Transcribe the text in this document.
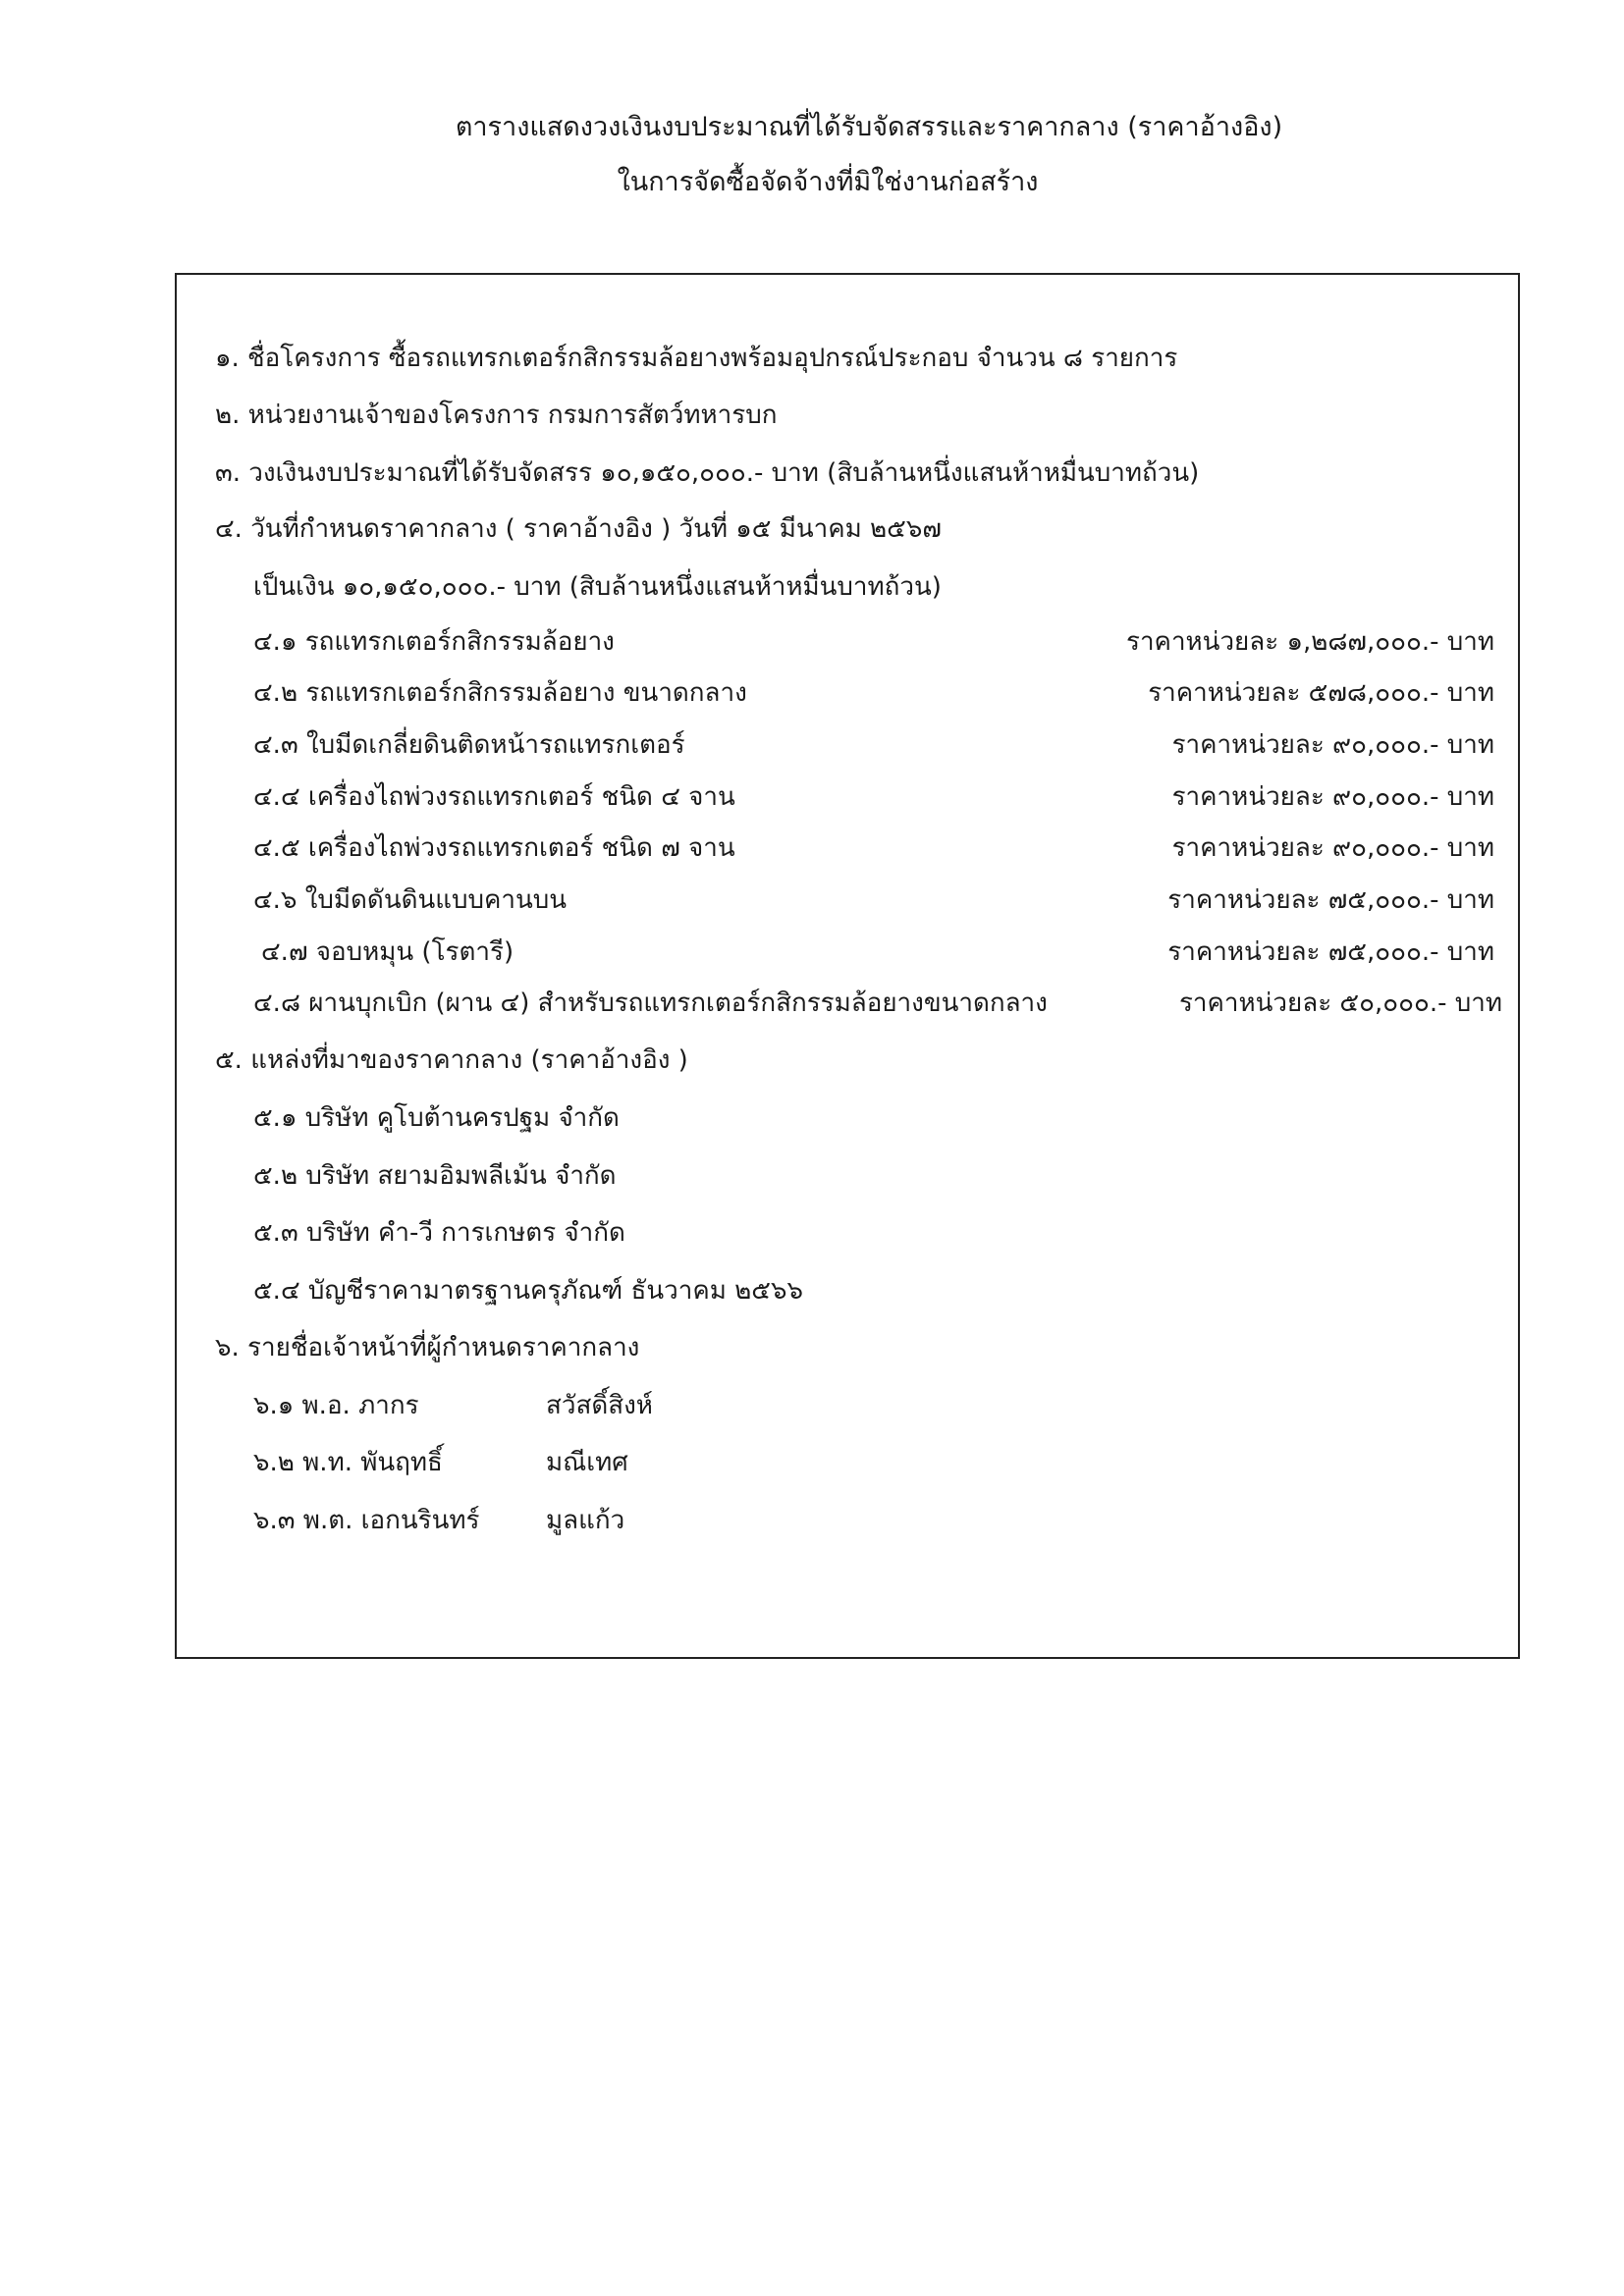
ตารางแสดงวงเงินงบประมาณที่ได้รับจัดสรรและราคากลาง (ราคาอ้างอิง)
ในการจัดซื้อจัดจ้างที่มิใช่งานก่อสร้าง
๑. ชื่อโครงการ ซื้อรถแทรกเตอร์กสิกรรมล้อยางพร้อมอุปกรณ์ประกอบ จำนวน ๘ รายการ
๒. หน่วยงานเจ้าของโครงการ กรมการสัตว์ทหารบก
๓. วงเงินงบประมาณที่ได้รับจัดสรร ๑๐,๑๕๐,๐๐๐.- บาท (สิบล้านหนึ่งแสนห้าหมื่นบาทถ้วน)
๔. วันที่กำหนดราคากลาง ( ราคาอ้างอิง ) วันที่ ๑๕ มีนาคม ๒๕๖๗
เป็นเงิน ๑๐,๑๕๐,๐๐๐.- บาท (สิบล้านหนึ่งแสนห้าหมื่นบาทถ้วน)
๔.๑ รถแทรกเตอร์กสิกรรมล้อยาง	ราคาหน่วยละ ๑,๒๘๗,๐๐๐.- บาท
๔.๒ รถแทรกเตอร์กสิกรรมล้อยาง ขนาดกลาง	ราคาหน่วยละ ๕๗๘,๐๐๐.- บาท
๔.๓ ใบมีดเกลี่ยดินติดหน้ารถแทรกเตอร์	ราคาหน่วยละ ๙๐,๐๐๐.- บาท
๔.๔ เครื่องไถพ่วงรถแทรกเตอร์ ชนิด ๔ จาน	ราคาหน่วยละ ๙๐,๐๐๐.- บาท
๔.๕ เครื่องไถพ่วงรถแทรกเตอร์ ชนิด ๗ จาน	ราคาหน่วยละ ๙๐,๐๐๐.- บาท
๔.๖ ใบมีดดันดินแบบคานบน	ราคาหน่วยละ ๗๕,๐๐๐.- บาท
๔.๗ จอบหมุน (โรตารี)	ราคาหน่วยละ ๗๕,๐๐๐.- บาท
๔.๘ ผานบุกเบิก (ผาน ๔) สำหรับรถแทรกเตอร์กสิกรรมล้อยางขนาดกลาง	ราคาหน่วยละ ๕๐,๐๐๐.- บาท
๕. แหล่งที่มาของราคากลาง (ราคาอ้างอิง )
๕.๑ บริษัท คูโบต้านครปฐม จำกัด
๕.๒ บริษัท สยามอิมพลีเม้น จำกัด
๕.๓ บริษัท คำ-วี การเกษตร จำกัด
๕.๔ บัญชีราคามาตรฐานครุภัณฑ์ ธันวาคม ๒๕๖๖
๖. รายชื่อเจ้าหน้าที่ผู้กำหนดราคากลาง
๖.๑ พ.อ. ภากร	สวัสดิ์สิงห์
๖.๒ พ.ท. พันฤทธิ์	มณีเทศ
๖.๓ พ.ต. เอกนรินทร์	มูลแก้ว
